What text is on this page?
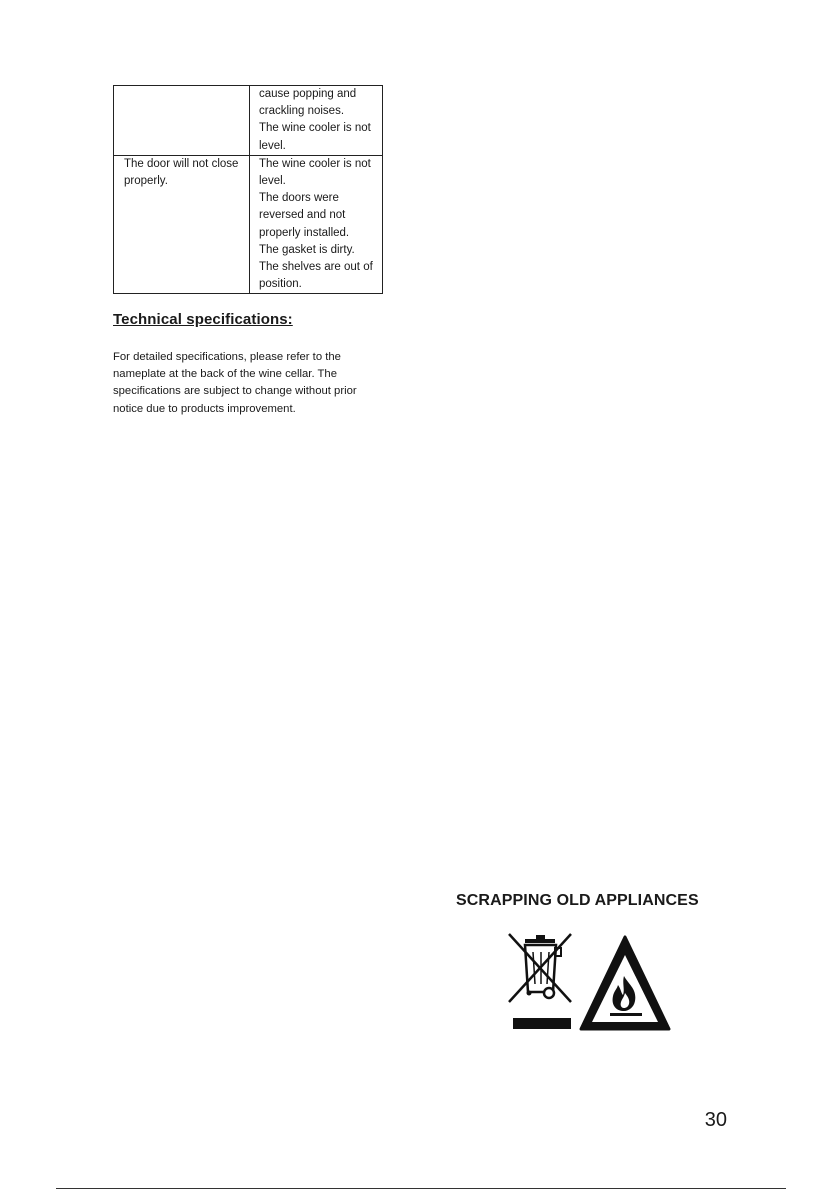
	cause popping and crackling noises.
The wine cooler is not level.

The door will not close properly.	The wine cooler is not level.
The doors were reversed and not properly installed.
The gasket is dirty.
The shelves are out of position.
Technical specifications:

For detailed specifications, please refer to the nameplate at the back of the wine cellar. The specifications are subject to change without prior notice due to products improvement.

SCRAPPING OLD APPLIANCES
30
